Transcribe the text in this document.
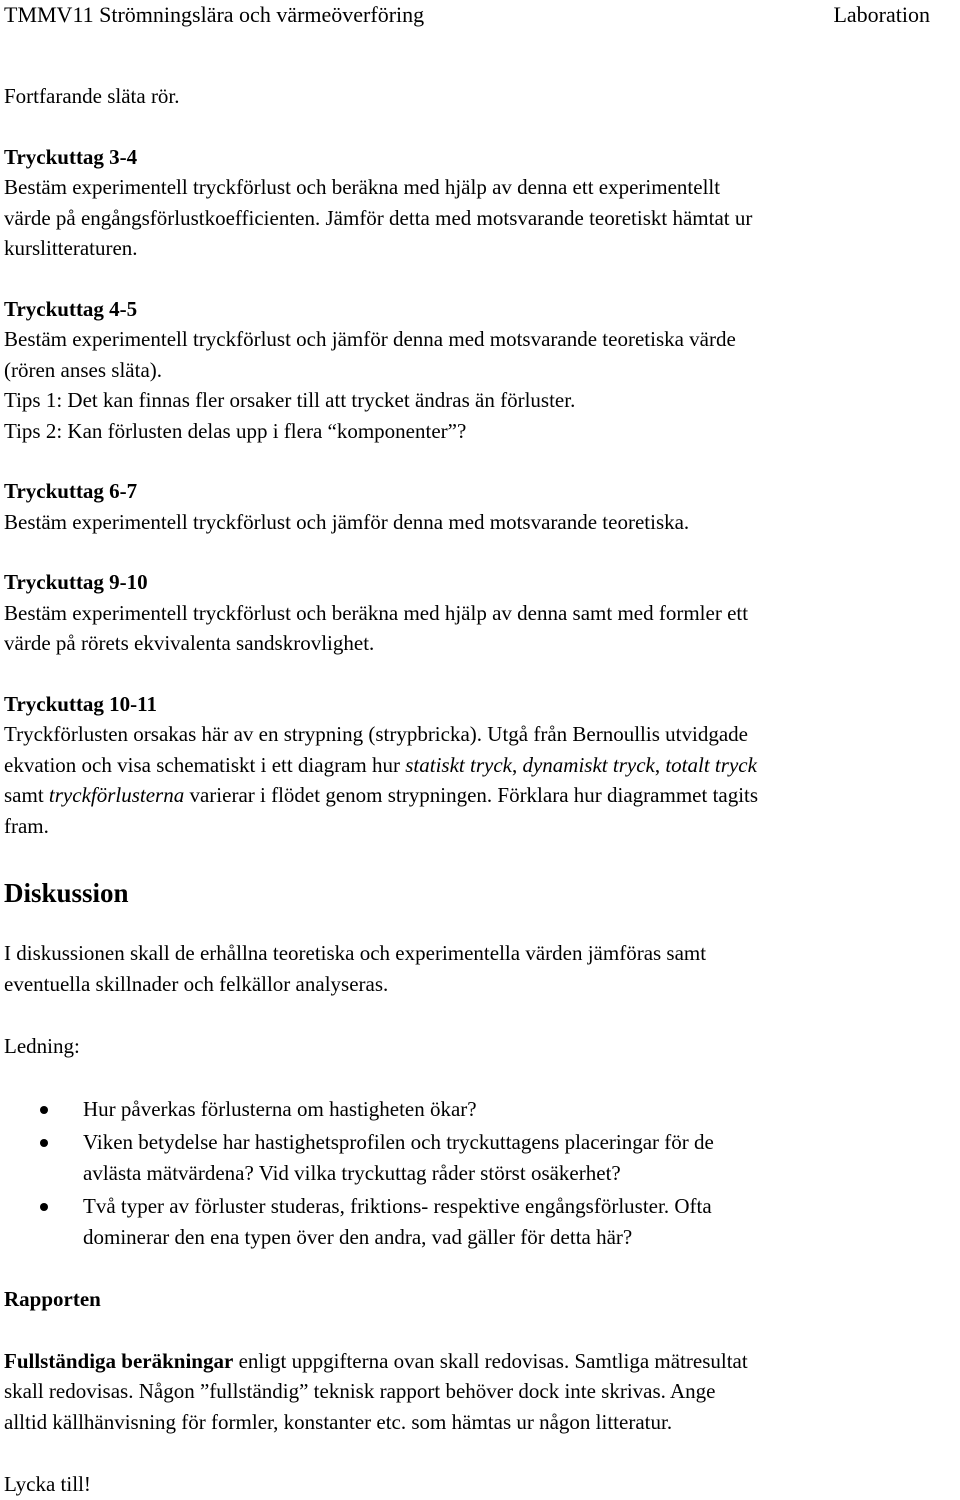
TMMV11 Strömningslära och värmeöverföring	Laboration

Fortfarande släta rör.

Tryckuttag 3-4

Bestäm experimentell tryckförlust och beräkna med hjälp av denna ett experimentellt

värde på engångsförlustkoefficienten. Jämför detta med motsvarande teoretiskt hämtat ur

kurslitteraturen.

Tryckuttag 4-5

Bestäm experimentell tryckförlust och jämför denna med motsvarande teoretiska värde

(rören anses släta).

Tips 1: Det kan finnas fler orsaker till att trycket ändras än förluster.

Tips 2: Kan förlusten delas upp i flera “komponenter”?

Tryckuttag 6-7

Bestäm experimentell tryckförlust och jämför denna med motsvarande teoretiska.

Tryckuttag 9-10

Bestäm experimentell tryckförlust och beräkna med hjälp av denna samt med formler ett

värde på rörets ekvivalenta sandskrovlighet.

Tryckuttag 10-11

Tryckförlusten orsakas här av en strypning (strypbricka). Utgå från Bernoullis utvidgade

ekvation och visa schematiskt i ett diagram hur statiskt tryck, dynamiskt tryck, totalt tryck

samt tryckförlusterna varierar i flödet genom strypningen. Förklara hur diagrammet tagits

fram.

Diskussion

I diskussionen skall de erhållna teoretiska och experimentella värden jämföras samt

eventuella skillnader och felkällor analyseras.

Ledning:

Hur påverkas förlusterna om hastigheten ökar?
Viken betydelse har hastighetsprofilen och tryckuttagens placeringar för de
avlästa mätvärdena? Vid vilka tryckuttag råder störst osäkerhet?
Två typer av förluster studeras, friktions- respektive engångsförluster. Ofta
dominerar den ena typen över den andra, vad gäller för detta här?

Rapporten

Fullständiga beräkningar enligt uppgifterna ovan skall redovisas. Samtliga mätresultat

skall redovisas. Någon ”fullständig” teknisk rapport behöver dock inte skrivas. Ange

alltid källhänvisning för formler, konstanter etc. som hämtas ur någon litteratur.

Lycka till!
